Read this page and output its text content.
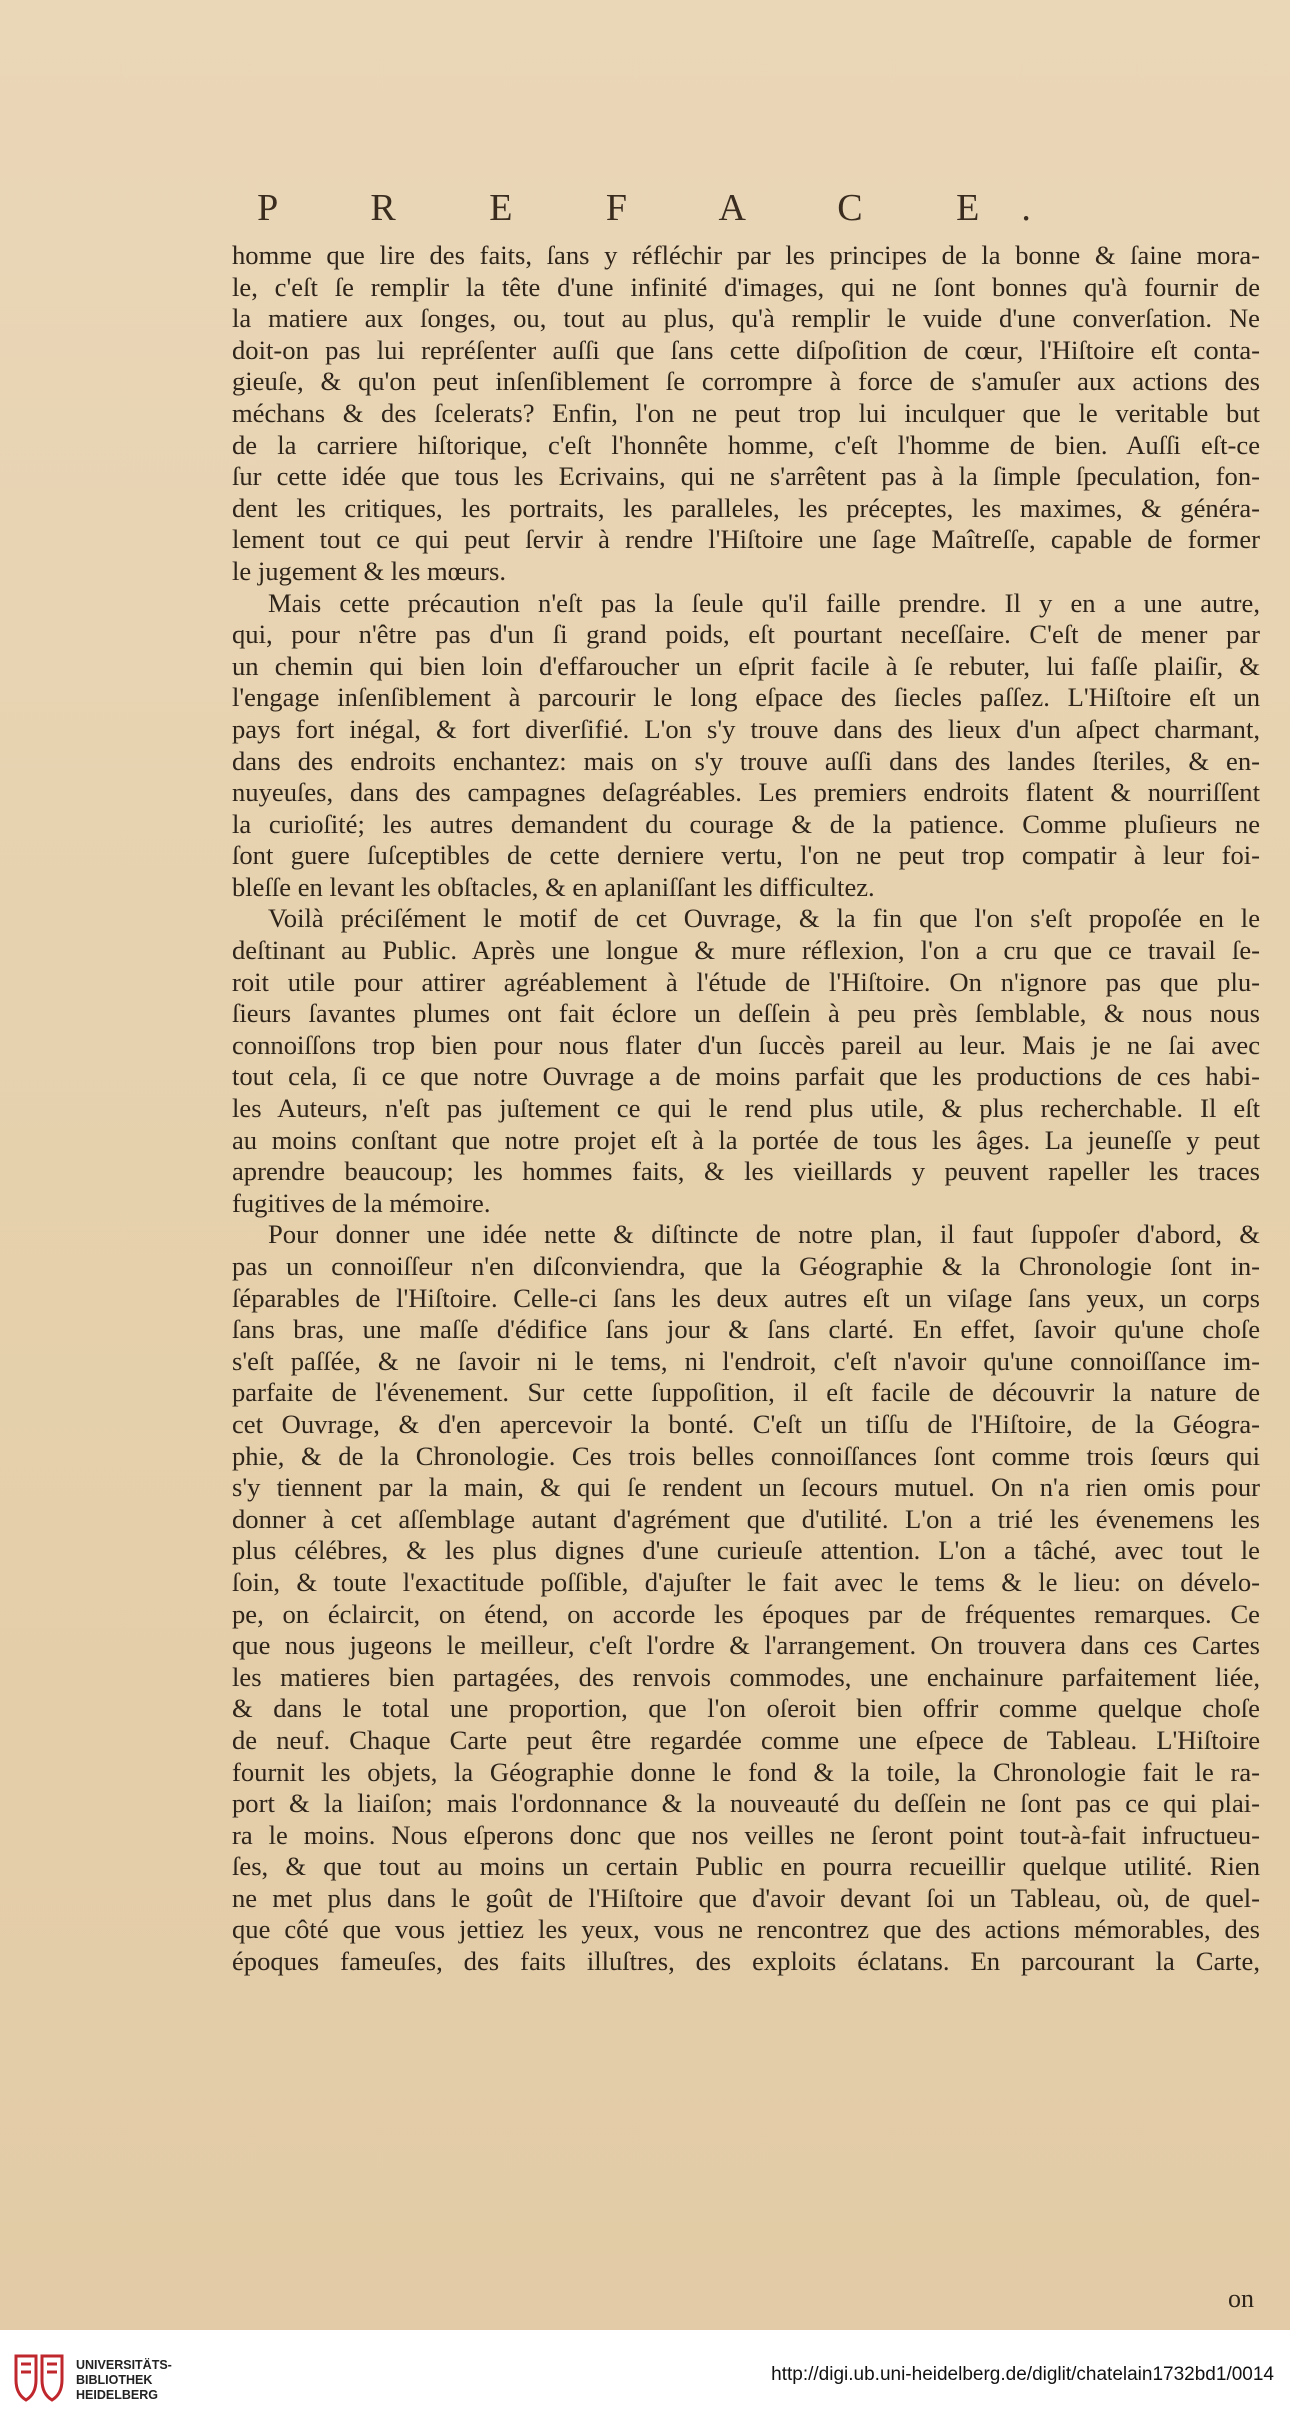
P R E F A C E.
homme que lire des faits, ſans y réfléchir par les principes de la bonne & ſaine mora-
le, c'eſt ſe remplir la tête d'une infinité d'images, qui ne ſont bonnes qu'à fournir de
la matiere aux ſonges, ou, tout au plus, qu'à remplir le vuide d'une converſation. Ne
doit-on pas lui repréſenter auſſi que ſans cette diſpoſition de cœur, l'Hiſtoire eſt conta-
gieuſe, & qu'on peut inſenſiblement ſe corrompre à force de s'amuſer aux actions des
méchans & des ſcelerats? Enfin, l'on ne peut trop lui inculquer que le veritable but
de la carriere hiſtorique, c'eſt l'honnête homme, c'eſt l'homme de bien. Auſſi eſt-ce
ſur cette idée que tous les Ecrivains, qui ne s'arrêtent pas à la ſimple ſpeculation, fon-
dent les critiques, les portraits, les paralleles, les préceptes, les maximes, & généra-
lement tout ce qui peut ſervir à rendre l'Hiſtoire une ſage Maîtreſſe, capable de former
le jugement & les mœurs.
Mais cette précaution n'eſt pas la ſeule qu'il faille prendre. Il y en a une autre,
qui, pour n'être pas d'un ſi grand poids, eſt pourtant neceſſaire. C'eſt de mener par
un chemin qui bien loin d'effaroucher un eſprit facile à ſe rebuter, lui faſſe plaiſir, &
l'engage inſenſiblement à parcourir le long eſpace des ſiecles paſſez. L'Hiſtoire eſt un
pays fort inégal, & fort diverſifié. L'on s'y trouve dans des lieux d'un aſpect charmant,
dans des endroits enchantez: mais on s'y trouve auſſi dans des landes ſteriles, & en-
nuyeuſes, dans des campagnes deſagréables. Les premiers endroits flatent & nourriſſent
la curioſité; les autres demandent du courage & de la patience. Comme pluſieurs ne
ſont guere ſuſceptibles de cette derniere vertu, l'on ne peut trop compatir à leur foi-
bleſſe en levant les obſtacles, & en aplaniſſant les difficultez.
Voilà préciſément le motif de cet Ouvrage, & la fin que l'on s'eſt propoſée en le
deſtinant au Public. Après une longue & mure réflexion, l'on a cru que ce travail ſe-
roit utile pour attirer agréablement à l'étude de l'Hiſtoire. On n'ignore pas que plu-
ſieurs ſavantes plumes ont fait éclore un deſſein à peu près ſemblable, & nous nous
connoiſſons trop bien pour nous flater d'un ſuccès pareil au leur. Mais je ne ſai avec
tout cela, ſi ce que notre Ouvrage a de moins parfait que les productions de ces habi-
les Auteurs, n'eſt pas juſtement ce qui le rend plus utile, & plus recherchable. Il eſt
au moins conſtant que notre projet eſt à la portée de tous les âges. La jeuneſſe y peut
aprendre beaucoup; les hommes faits, & les vieillards y peuvent rapeller les traces
fugitives de la mémoire.
Pour donner une idée nette & diſtincte de notre plan, il faut ſuppoſer d'abord, &
pas un connoiſſeur n'en diſconviendra, que la Géographie & la Chronologie ſont in-
ſéparables de l'Hiſtoire. Celle-ci ſans les deux autres eſt un viſage ſans yeux, un corps
ſans bras, une maſſe d'édifice ſans jour & ſans clarté. En effet, ſavoir qu'une choſe
s'eſt paſſée, & ne ſavoir ni le tems, ni l'endroit, c'eſt n'avoir qu'une connoiſſance im-
parfaite de l'évenement. Sur cette ſuppoſition, il eſt facile de découvrir la nature de
cet Ouvrage, & d'en apercevoir la bonté. C'eſt un tiſſu de l'Hiſtoire, de la Géogra-
phie, & de la Chronologie. Ces trois belles connoiſſances ſont comme trois ſœurs qui
s'y tiennent par la main, & qui ſe rendent un ſecours mutuel. On n'a rien omis pour
donner à cet aſſemblage autant d'agrément que d'utilité. L'on a trié les évenemens les
plus célébres, & les plus dignes d'une curieuſe attention. L'on a tâché, avec tout le
ſoin, & toute l'exactitude poſſible, d'ajuſter le fait avec le tems & le lieu: on dévelo-
pe, on éclaircit, on étend, on accorde les époques par de fréquentes remarques. Ce
que nous jugeons le meilleur, c'eſt l'ordre & l'arrangement. On trouvera dans ces Cartes
les matieres bien partagées, des renvois commodes, une enchainure parfaitement liée,
& dans le total une proportion, que l'on oſeroit bien offrir comme quelque choſe
de neuf. Chaque Carte peut être regardée comme une eſpece de Tableau. L'Hiſtoire
fournit les objets, la Géographie donne le fond & la toile, la Chronologie fait le ra-
port & la liaiſon; mais l'ordonnance & la nouveauté du deſſein ne ſont pas ce qui plai-
ra le moins. Nous eſperons donc que nos veilles ne ſeront point tout-à-fait infructueu-
ſes, & que tout au moins un certain Public en pourra recueillir quelque utilité. Rien
ne met plus dans le goût de l'Hiſtoire que d'avoir devant ſoi un Tableau, où, de quel-
que côté que vous jettiez les yeux, vous ne rencontrez que des actions mémorables, des
époques fameuſes, des faits illuſtres, des exploits éclatans. En parcourant la Carte,
on
UNIVERSITÄTS-
BIBLIOTHEK
HEIDELBERG
http://digi.ub.uni-heidelberg.de/diglit/chatelain1732bd1/0014
